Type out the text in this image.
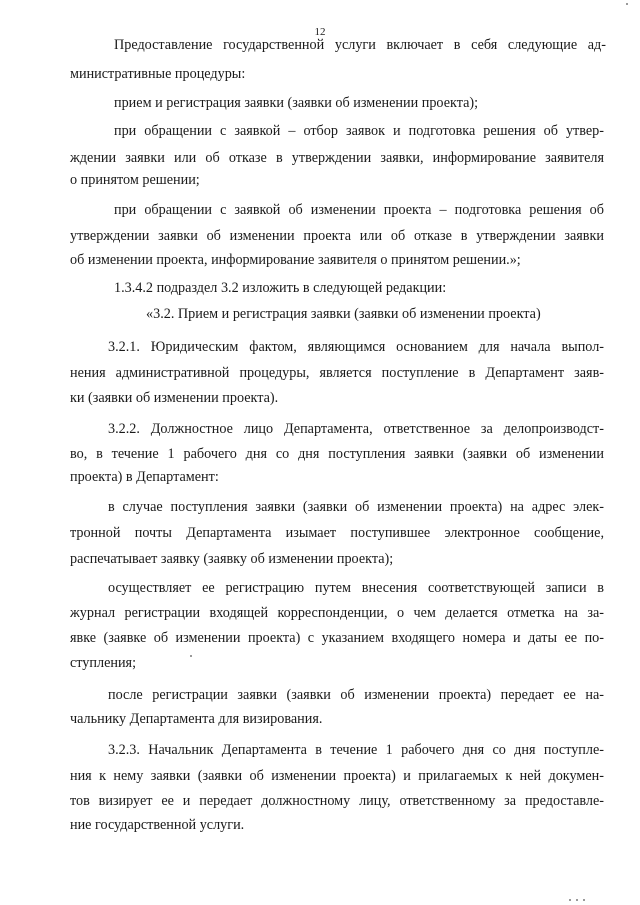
12

Предоставление государственной услуги включает в себя следующие ад-

министративные процедуры:

прием и регистрация заявки (заявки об изменении проекта);

при обращении с заявкой – отбор заявок и подготовка решения об утвер-

ждении заявки или об отказе в утверждении заявки, информирование заявителя

о принятом решении;

при обращении с заявкой об изменении проекта – подготовка решения об

утверждении заявки об изменении проекта или об отказе в утверждении заявки

об изменении проекта, информирование заявителя о принятом решении.»;

1.3.4.2 подраздел 3.2 изложить в следующей редакции:

«3.2. Прием и регистрация заявки (заявки об изменении проекта)

3.2.1. Юридическим фактом, являющимся основанием для начала выпол-

нения административной процедуры, является поступление в Департамент заяв-

ки (заявки об изменении проекта).

3.2.2. Должностное лицо Департамента, ответственное за делопроизводст-

во, в течение 1 рабочего дня со дня поступления заявки (заявки об изменении

проекта) в Департамент:

в случае поступления заявки (заявки об изменении проекта) на адрес элек-

тронной почты Департамента изымает поступившее электронное сообщение,

распечатывает заявку (заявку об изменении проекта);

осуществляет ее регистрацию путем внесения соответствующей записи в

журнал регистрации входящей корреспонденции, о чем делается отметка на за-

явке (заявке об изменении проекта) с указанием входящего номера и даты ее по-

ступления;

после регистрации заявки (заявки об изменении проекта) передает ее на-

чальнику Департамента для визирования.

3.2.3. Начальник Департамента в течение 1 рабочего дня со дня поступле-

ния к нему заявки (заявки об изменении проекта) и прилагаемых к ней докумен-

тов визирует ее и передает должностному лицу, ответственному за предоставле-

ние государственной услуги.
